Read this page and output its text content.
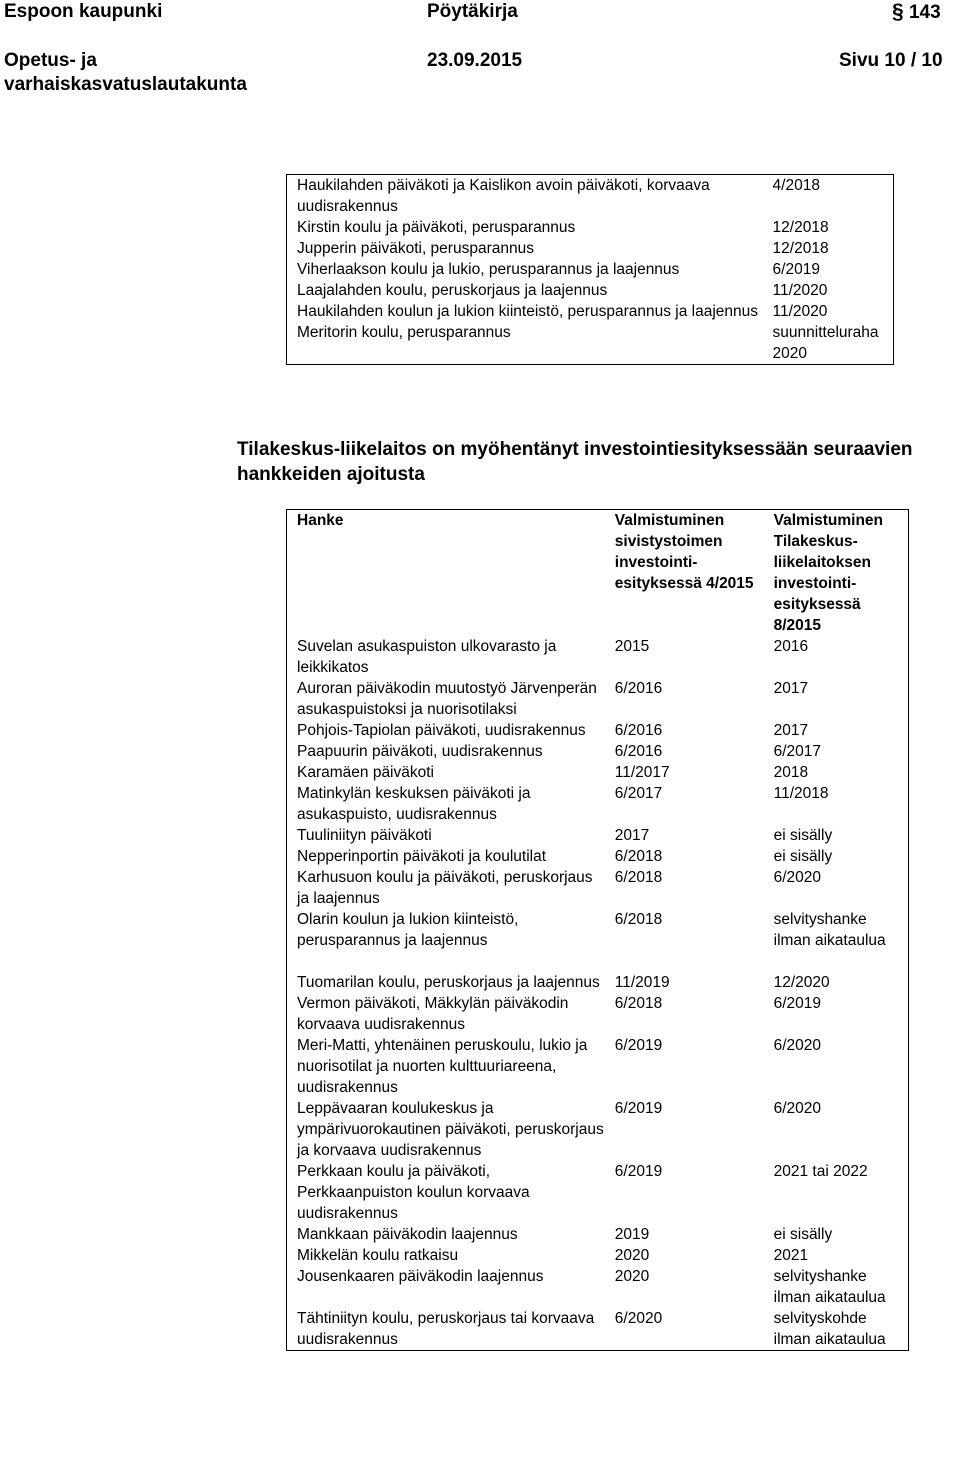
Espoon kaupunki	Pöytäkirja	§ 143
Opetus- ja
varhaiskasvatuslautakunta
23.09.2015	Sivu 10 / 10
Haukilahden päiväkoti ja Kaislikon avoin päiväkoti, korvaava uudisrakennus	4/2018
Kirstin koulu ja päiväkoti, perusparannus	12/2018
Jupperin päiväkoti, perusparannus	12/2018
Viherlaakson koulu ja lukio, perusparannus ja laajennus	6/2019
Laajalahden koulu, peruskorjaus ja laajennus	11/2020
Haukilahden koulun ja lukion kiinteistö, perusparannus ja laajennus	11/2020
Meritorin koulu, perusparannus	suunnitteluraha 2020
Tilakeskus-liikelaitos on myöhentänyt investointiesityksessään seuraavien hankkeiden ajoitusta
Hanke	Valmistuminen sivistystoimen investointi-esityksessä 4/2015	Valmistuminen Tilakeskus-liikelaitoksen investointi-esityksessä 8/2015
Suvelan asukaspuiston ulkovarasto ja leikkikatos	2015	2016
Auroran päiväkodin muutostyö Järvenperän asukaspuistoksi ja nuorisotilaksi	6/2016	2017
Pohjois-Tapiolan päiväkoti, uudisrakennus	6/2016	2017
Paapuurin päiväkoti, uudisrakennus	6/2016	6/2017
Karamäen päiväkoti	11/2017	2018
Matinkylän keskuksen päiväkoti ja asukaspuisto, uudisrakennus	6/2017	11/2018
Tuuliniityn päiväkoti	2017	ei sisälly
Nepperinportin päiväkoti ja koulutilat	6/2018	ei sisälly
Karhusuon koulu ja päiväkoti, peruskorjaus ja laajennus	6/2018	6/2020
Olarin koulun ja lukion kiinteistö, perusparannus ja laajennus	6/2018	selvityshanke ilman aikataulua

Tuomarilan koulu, peruskorjaus ja laajennus	11/2019	12/2020
Vermon päiväkoti, Mäkkylän päiväkodin korvaava uudisrakennus	6/2018	6/2019
Meri-Matti, yhtenäinen peruskoulu, lukio ja nuorisotilat ja nuorten kulttuuriareena, uudisrakennus	6/2019	6/2020
Leppävaaran koulukeskus ja ympärivuorokautinen päiväkoti, peruskorjaus ja korvaava uudisrakennus	6/2019	6/2020
Perkkaan koulu ja päiväkoti, Perkkaanpuiston koulun korvaava uudisrakennus	6/2019	2021 tai 2022
Mankkaan päiväkodin laajennus	2019	ei sisälly
Mikkelän koulu ratkaisu	2020	2021
Jousenkaaren päiväkodin laajennus	2020	selvityshanke ilman aikataulua
Tähtiniityn koulu, peruskorjaus tai korvaava uudisrakennus	6/2020	selvityskohde ilman aikataulua
